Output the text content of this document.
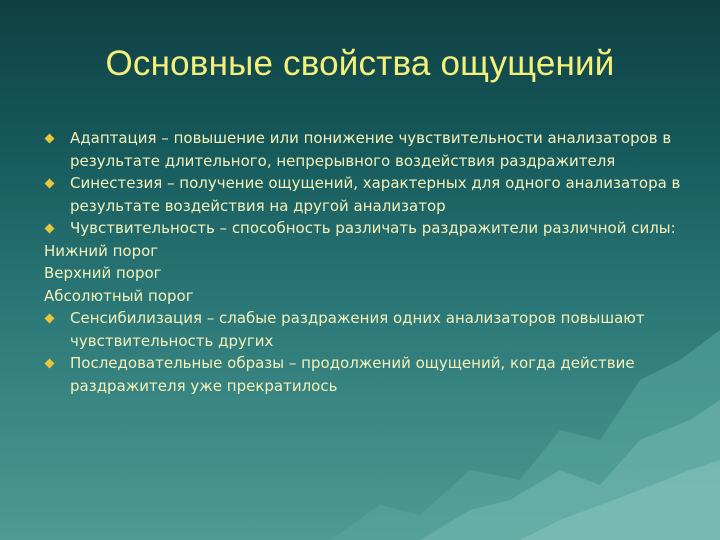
Основные свойства ощущений
Адаптация – повышение или понижение чувствительности анализаторов в результате длительного, непрерывного воздействия раздражителя
Синестезия – получение ощущений, характерных для одного анализатора в результате воздействия на другой анализатор
Чувствительность – способность различать раздражители различной силы:
Нижний порог
Верхний порог
Абсолютный порог
Сенсибилизация – слабые раздражения одних анализаторов повышают чувствительность других
Последовательные образы – продолжений ощущений, когда действие раздражителя уже прекратилось
